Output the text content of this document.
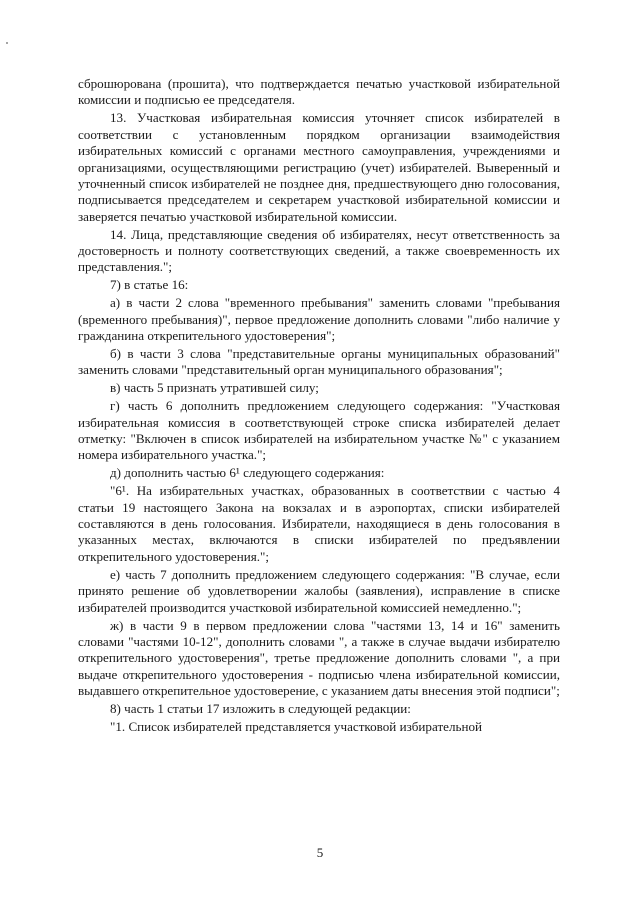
сброшюрована (прошита), что подтверждается печатью участковой избирательной комиссии и подписью ее председателя.

13. Участковая избирательная комиссия уточняет список избирателей в соответствии с установленным порядком организации взаимодействия избирательных комиссий с органами местного самоуправления, учреждениями и организациями, осуществляющими регистрацию (учет) избирателей. Выверенный и уточненный список избирателей не позднее дня, предшествующего дню голосования, подписывается председателем и секретарем участковой избирательной комиссии и заверяется печатью участковой избирательной комиссии.

14. Лица, представляющие сведения об избирателях, несут ответственность за достоверность и полноту соответствующих сведений, а также своевременность их представления.";

7) в статье 16:

а) в части 2 слова "временного пребывания" заменить словами "пребывания (временного пребывания)", первое предложение дополнить словами "либо наличие у гражданина открепительного удостоверения";

б) в части 3 слова "представительные органы муниципальных образований" заменить словами "представительный орган муниципального образования";

в) часть 5 признать утратившей силу;

г) часть 6 дополнить предложением следующего содержания: "Участковая избирательная комиссия в соответствующей строке списка избирателей делает отметку: "Включен в список избирателей на избирательном участке №" с указанием номера избирательного участка.";

д) дополнить частью 6¹ следующего содержания:

"6¹. На избирательных участках, образованных в соответствии с частью 4 статьи 19 настоящего Закона на вокзалах и в аэропортах, списки избирателей составляются в день голосования. Избиратели, находящиеся в день голосования в указанных местах, включаются в списки избирателей по предъявлении открепительного удостоверения.";

е) часть 7 дополнить предложением следующего содержания: "В случае, если принято решение об удовлетворении жалобы (заявления), исправление в списке избирателей производится участковой избирательной комиссией немедленно.";

ж) в части 9 в первом предложении слова "частями 13, 14 и 16" заменить словами "частями 10-12", дополнить словами ", а также в случае выдачи избирателю открепительного удостоверения", третье предложение дополнить словами ", а при выдаче открепительного удостоверения - подписью члена избирательной комиссии, выдавшего открепительное удостоверение, с указанием даты внесения этой подписи";

8) часть 1 статьи 17 изложить в следующей редакции:

"1. Список избирателей представляется участковой избирательной

5
